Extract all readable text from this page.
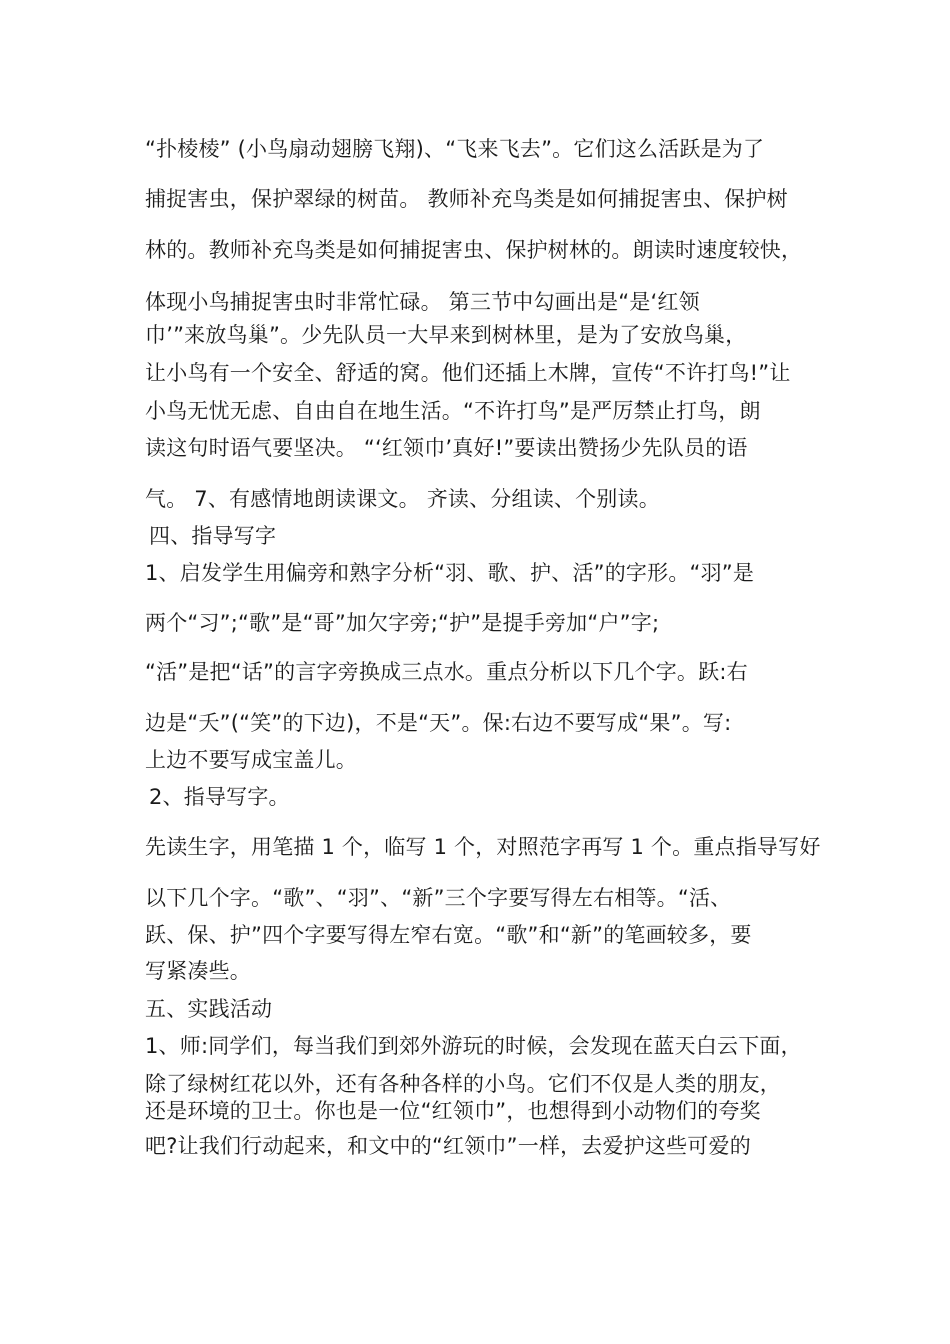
“扑棱棱” (小鸟扇动翅膀飞翔)、“飞来飞去”。它们这么活跃是为了

捕捉害虫，保护翠绿的树苗。 教师补充鸟类是如何捕捉害虫、保护树

林的。教师补充鸟类是如何捕捉害虫、保护树林的。朗读时速度较快，

体现小鸟捕捉害虫时非常忙碌。 第三节中勾画出是“是‘红领

巾’”来放鸟巢”。少先队员一大早来到树林里，是为了安放鸟巢，

让小鸟有一个安全、舒适的窝。他们还插上木牌，宣传“不许打鸟!”让

小鸟无忧无虑、自由自在地生活。“不许打鸟”是严厉禁止打鸟，朗

读这句时语气要坚决。 “‘红领巾’真好!”要读出赞扬少先队员的语

气。 7、有感情地朗读课文。 齐读、分组读、个别读。

四、指导写字

1、启发学生用偏旁和熟字分析“羽、歌、护、活”的字形。“羽”是

两个“习”;“歌”是“哥”加欠字旁;“护”是提手旁加“户”字;

“活”是把“话”的言字旁换成三点水。重点分析以下几个字。跃:右

边是“夭”(“笑”的下边)，不是“天”。保:右边不要写成“果”。写:

上边不要写成宝盖儿。

2、指导写字。

先读生字，用笔描 1 个，临写 1 个，对照范字再写 1 个。重点指导写好

以下几个字。“歌”、“羽”、“新”三个字要写得左右相等。“活、

跃、保、护”四个字要写得左窄右宽。“歌”和“新”的笔画较多，要

写紧凑些。

五、实践活动

1、师:同学们，每当我们到郊外游玩的时候，会发现在蓝天白云下面，

除了绿树红花以外，还有各种各样的小鸟。它们不仅是人类的朋友，

还是环境的卫士。你也是一位“红领巾”，也想得到小动物们的夸奖

吧?让我们行动起来，和文中的“红领巾”一样，去爱护这些可爱的
